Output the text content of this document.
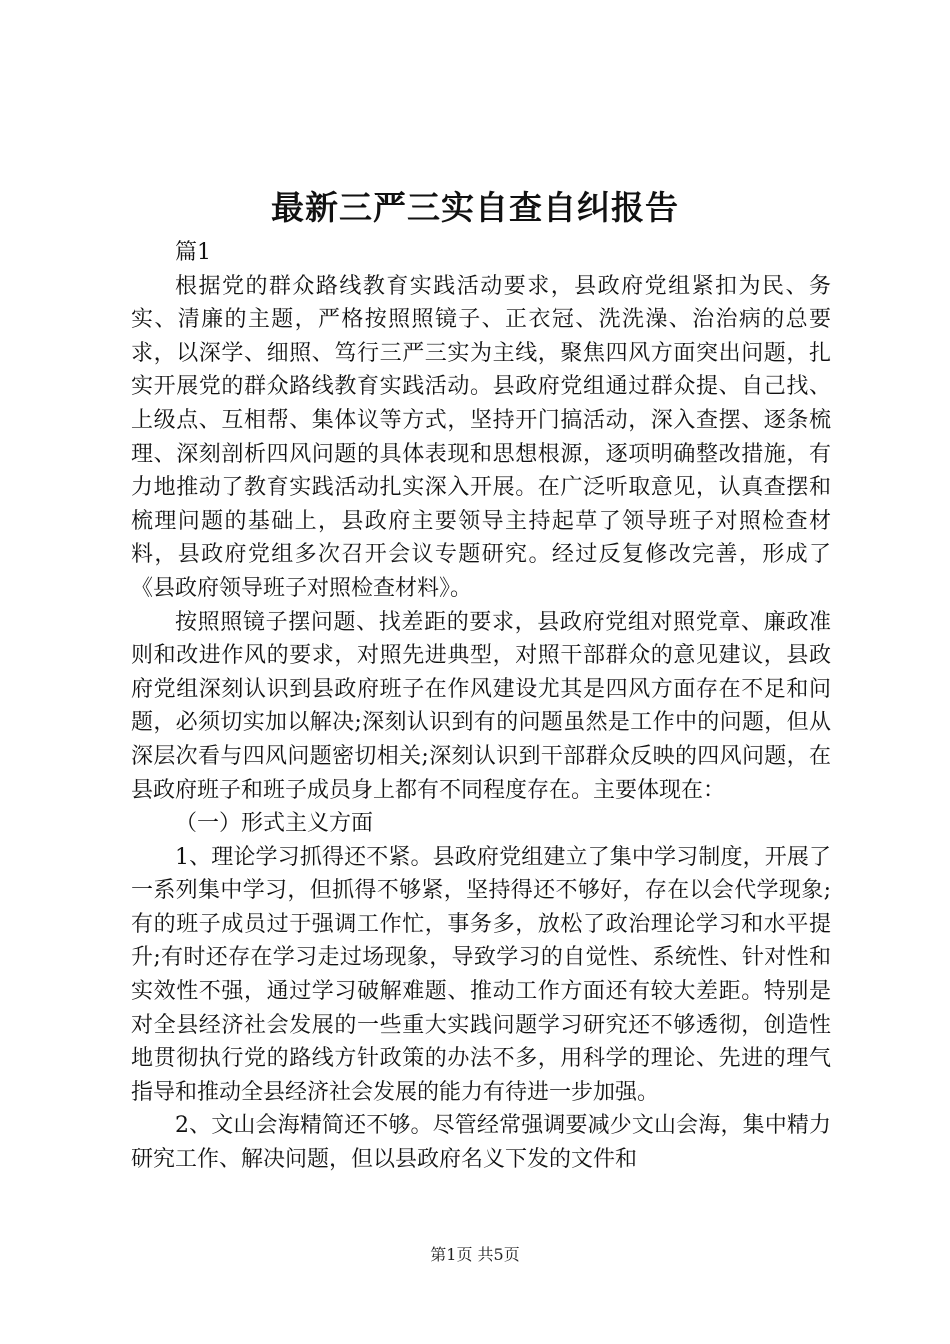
最新三严三实自查自纠报告

篇1

根据党的群众路线教育实践活动要求，县政府党组紧扣为民、务实、清廉的主题，严格按照照镜子、正衣冠、洗洗澡、治治病的总要求，以深学、细照、笃行三严三实为主线，聚焦四风方面突出问题，扎实开展党的群众路线教育实践活动。县政府党组通过群众提、自己找、上级点、互相帮、集体议等方式，坚持开门搞活动，深入查摆、逐条梳理、深刻剖析四风问题的具体表现和思想根源，逐项明确整改措施，有力地推动了教育实践活动扎实深入开展。在广泛听取意见，认真查摆和梳理问题的基础上，县政府主要领导主持起草了领导班子对照检查材料，县政府党组多次召开会议专题研究。经过反复修改完善，形成了《县政府领导班子对照检查材料》。

按照照镜子摆问题、找差距的要求，县政府党组对照党章、廉政准则和改进作风的要求，对照先进典型，对照干部群众的意见建议，县政府党组深刻认识到县政府班子在作风建设尤其是四风方面存在不足和问题，必须切实加以解决;深刻认识到有的问题虽然是工作中的问题，但从深层次看与四风问题密切相关;深刻认识到干部群众反映的四风问题，在县政府班子和班子成员身上都有不同程度存在。主要体现在：

（一）形式主义方面

1、理论学习抓得还不紧。县政府党组建立了集中学习制度，开展了一系列集中学习，但抓得不够紧，坚持得还不够好，存在以会代学现象;有的班子成员过于强调工作忙，事务多，放松了政治理论学习和水平提升;有时还存在学习走过场现象，导致学习的自觉性、系统性、针对性和实效性不强，通过学习破解难题、推动工作方面还有较大差距。特别是对全县经济社会发展的一些重大实践问题学习研究还不够透彻，创造性地贯彻执行党的路线方针政策的办法不多，用科学的理论、先进的理气指导和推动全县经济社会发展的能力有待进一步加强。

2、文山会海精简还不够。尽管经常强调要减少文山会海，集中精力研究工作、解决问题，但以县政府名义下发的文件和

第1页 共5页
